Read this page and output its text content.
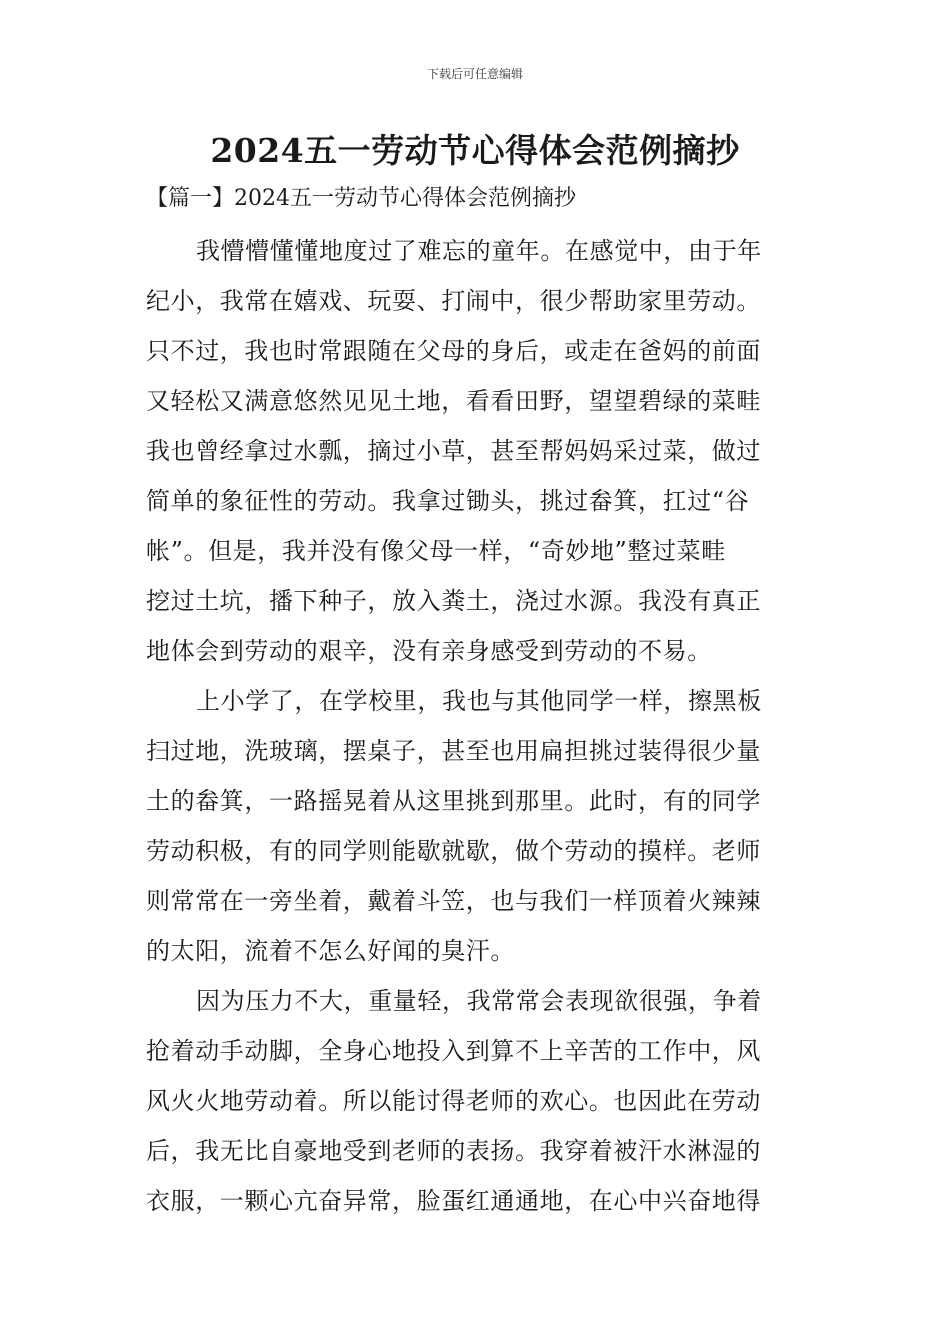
下载后可任意编辑
2024五一劳动节心得体会范例摘抄
【篇一】2024五一劳动节心得体会范例摘抄

我懵懵懂懂地度过了难忘的童年。在感觉中，由于年
纪小，我常在嬉戏、玩耍、打闹中，很少帮助家里劳动。
只不过，我也时常跟随在父母的身后，或走在爸妈的前面
又轻松又满意悠然见见土地，看看田野，望望碧绿的菜畦
我也曾经拿过水瓢，摘过小草，甚至帮妈妈采过菜，做过
简单的象征性的劳动。我拿过锄头，挑过畚箕，扛过“谷
帐”。但是，我并没有像父母一样，“奇妙地”整过菜畦
挖过土坑，播下种子，放入粪土，浇过水源。我没有真正
地体会到劳动的艰辛，没有亲身感受到劳动的不易。

上小学了，在学校里，我也与其他同学一样，擦黑板
扫过地，洗玻璃，摆桌子，甚至也用扁担挑过装得很少量
土的畚箕，一路摇晃着从这里挑到那里。此时，有的同学
劳动积极，有的同学则能歇就歇，做个劳动的摸样。老师
则常常在一旁坐着，戴着斗笠，也与我们一样顶着火辣辣
的太阳，流着不怎么好闻的臭汗。

因为压力不大，重量轻，我常常会表现欲很强，争着
抢着动手动脚，全身心地投入到算不上辛苦的工作中，风
风火火地劳动着。所以能讨得老师的欢心。也因此在劳动
后，我无比自豪地受到老师的表扬。我穿着被汗水淋湿的
衣服，一颗心亢奋异常，脸蛋红通通地，在心中兴奋地得
